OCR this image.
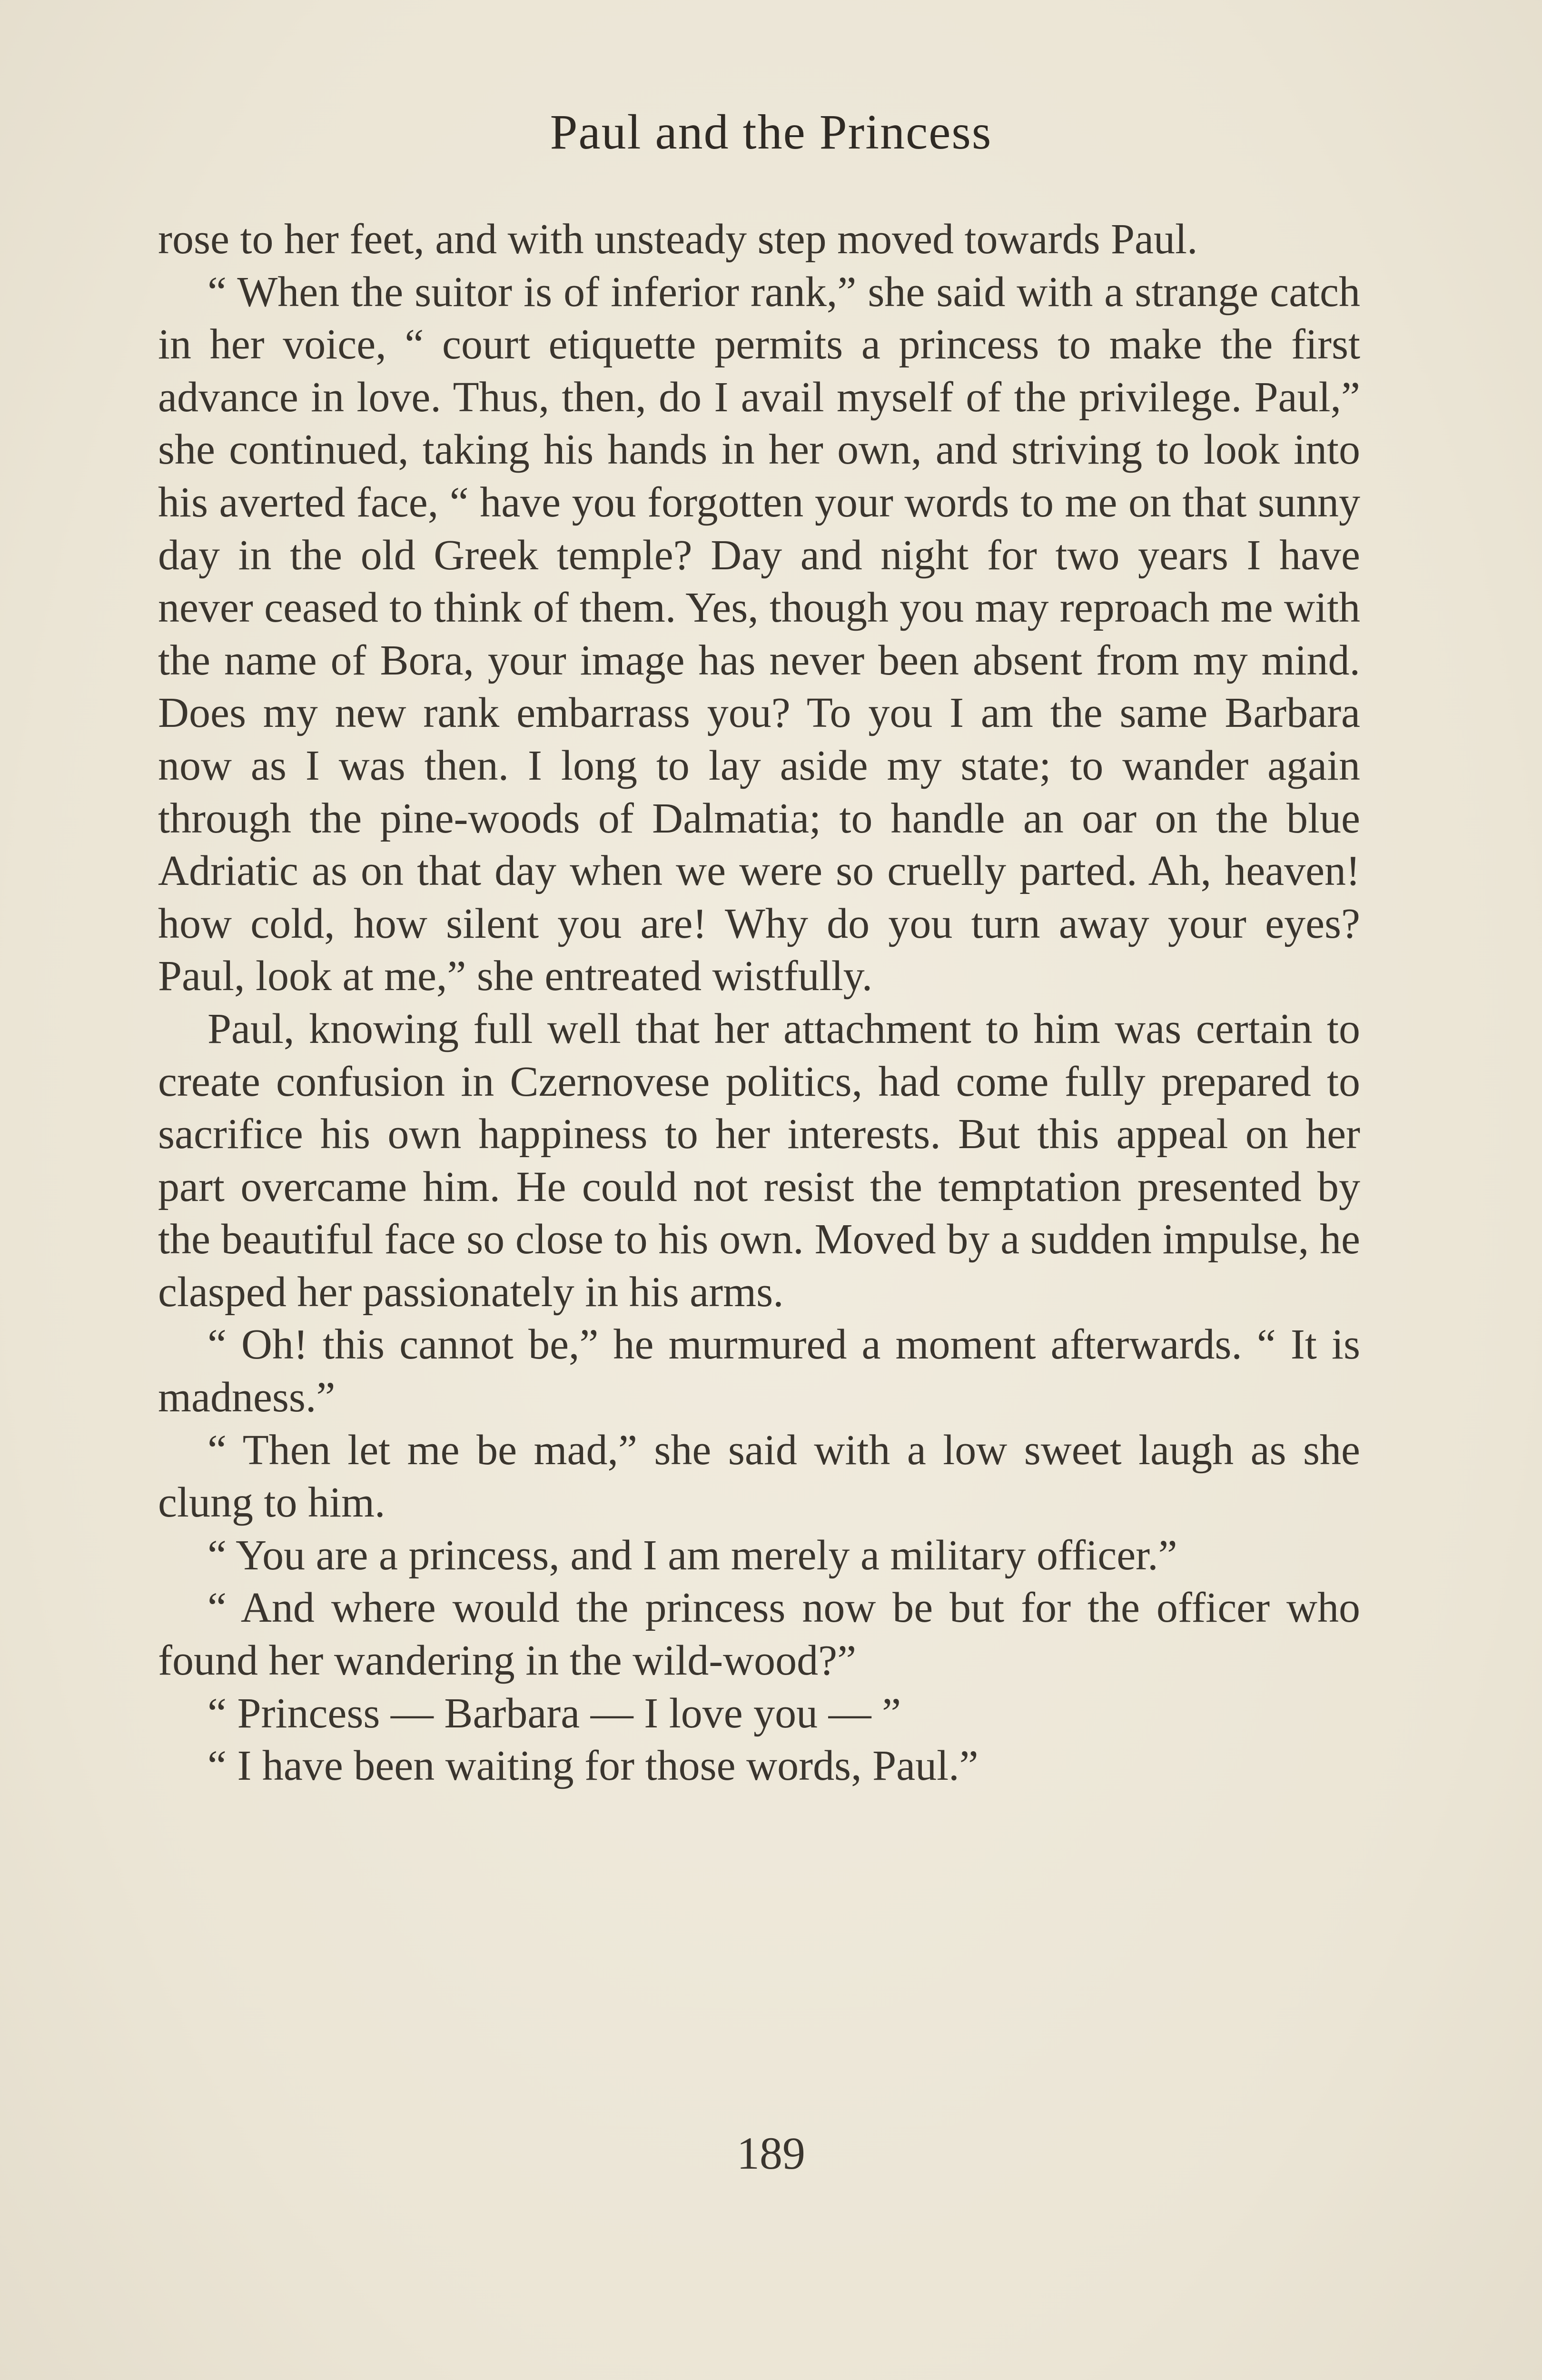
Paul and the Princess

rose to her feet, and with unsteady step moved towards Paul.

“ When the suitor is of inferior rank,” she said with a strange catch in her voice, “ court etiquette permits a princess to make the first advance in love. Thus, then, do I avail myself of the privilege. Paul,” she continued, taking his hands in her own, and striving to look into his averted face, “ have you forgotten your words to me on that sunny day in the old Greek temple? Day and night for two years I have never ceased to think of them. Yes, though you may reproach me with the name of Bora, your image has never been absent from my mind. Does my new rank embarrass you? To you I am the same Barbara now as I was then. I long to lay aside my state; to wander again through the pine-woods of Dalmatia; to handle an oar on the blue Adriatic as on that day when we were so cruelly parted. Ah, heaven! how cold, how silent you are! Why do you turn away your eyes? Paul, look at me,” she entreated wistfully.

Paul, knowing full well that her attachment to him was certain to create confusion in Czernovese politics, had come fully prepared to sacrifice his own happiness to her interests. But this appeal on her part overcame him. He could not resist the temptation presented by the beautiful face so close to his own. Moved by a sudden impulse, he clasped her passionately in his arms.

“ Oh! this cannot be,” he murmured a moment afterwards. “ It is madness.”

“ Then let me be mad,” she said with a low sweet laugh as she clung to him.

“ You are a princess, and I am merely a military officer.”

“ And where would the princess now be but for the officer who found her wandering in the wild-wood?”

“ Princess — Barbara — I love you — ”

“ I have been waiting for those words, Paul.”

189
